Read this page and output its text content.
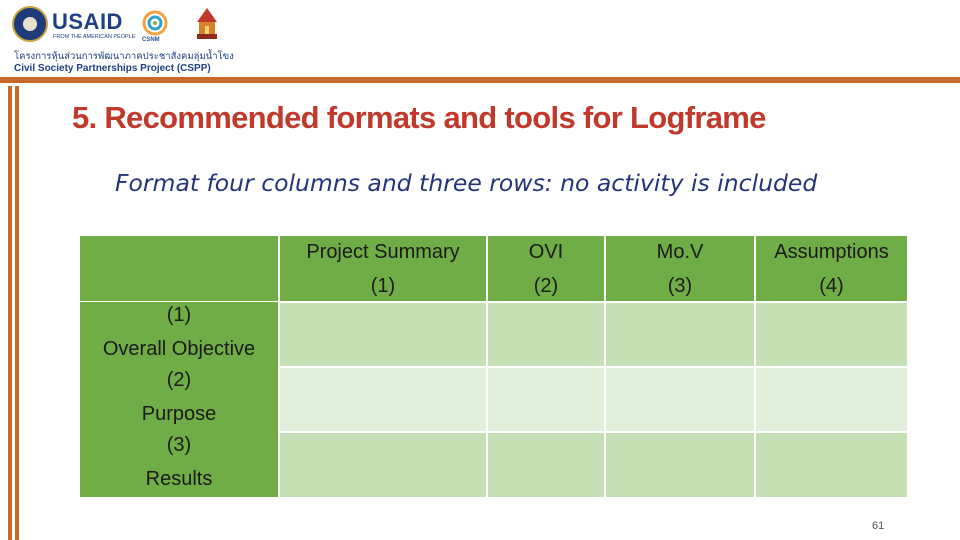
USAID
FROM THE AMERICAN PEOPLE CSNM
โครงการหุ้นส่วนการพัฒนาภาคประชาสังคมลุ่มน้ำโขง
Civil Society Partnerships Project (CSPP)
5. Recommended formats and tools for Logframe
Format four columns and three rows: no activity is included
Project Summary
(1)
OVI
(2)
Mo.V
(3)
Assumptions
(4)
(1)
Overall Objective
(2)
Purpose
(3)
Results
61
